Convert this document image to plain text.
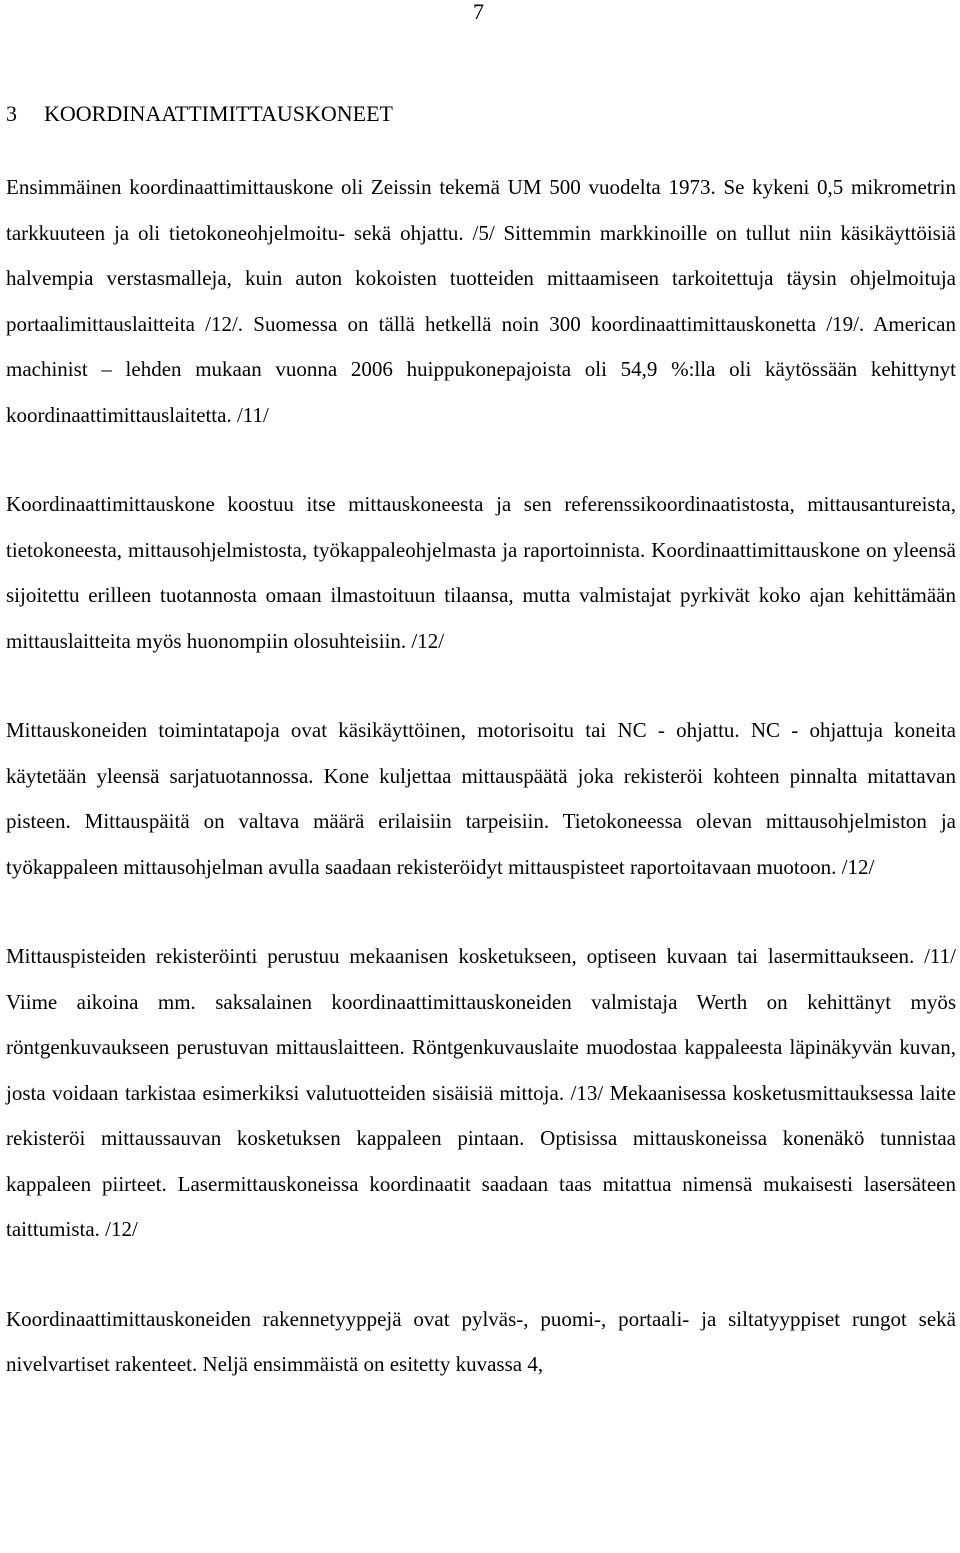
7
3 KOORDINAATTIMITTAUSKONEET

Ensimmäinen koordinaattimittauskone oli Zeissin tekemä UM 500 vuodelta 1973. Se kykeni 0,5 mikrometrin tarkkuuteen ja oli tietokoneohjelmoitu- sekä ohjattu. /5/ Sittemmin markkinoille on tullut niin käsikäyttöisiä halvempia verstasmalleja, kuin auton kokoisten tuotteiden mittaamiseen tarkoitettuja täysin ohjelmoituja portaalimittauslaitteita /12/. Suomessa on tällä hetkellä noin 300 koordinaattimittauskonetta /19/. American machinist – lehden mukaan vuonna 2006 huippukonepajoista oli 54,9 %:lla oli käytössään kehittynyt koordinaattimittauslaitetta. /11/

Koordinaattimittauskone koostuu itse mittauskoneesta ja sen referenssikoordinaatistosta, mittausantureista, tietokoneesta, mittausohjelmistosta, työkappaleohjelmasta ja raportoinnista. Koordinaattimittauskone on yleensä sijoitettu erilleen tuotannosta omaan ilmastoituun tilaansa, mutta valmistajat pyrkivät koko ajan kehittämään mittauslaitteita myös huonompiin olosuhteisiin. /12/

Mittauskoneiden toimintatapoja ovat käsikäyttöinen, motorisoitu tai NC - ohjattu. NC - ohjattuja koneita käytetään yleensä sarjatuotannossa. Kone kuljettaa mittauspäätä joka rekisteröi kohteen pinnalta mitattavan pisteen. Mittauspäitä on valtava määrä erilaisiin tarpeisiin. Tietokoneessa olevan mittausohjelmiston ja työkappaleen mittausohjelman avulla saadaan rekisteröidyt mittauspisteet raportoitavaan muotoon. /12/

Mittauspisteiden rekisteröinti perustuu mekaanisen kosketukseen, optiseen kuvaan tai lasermittaukseen. /11/ Viime aikoina mm. saksalainen koordinaattimittauskoneiden valmistaja Werth on kehittänyt myös röntgenkuvaukseen perustuvan mittauslaitteen. Röntgenkuvauslaite muodostaa kappaleesta läpinäkyvän kuvan, josta voidaan tarkistaa esimerkiksi valutuotteiden sisäisiä mittoja. /13/ Mekaanisessa kosketusmittauksessa laite rekisteröi mittaussauvan kosketuksen kappaleen pintaan. Optisissa mittauskoneissa konenäkö tunnistaa kappaleen piirteet. Lasermittauskoneissa koordinaatit saadaan taas mitattua nimensä mukaisesti lasersäteen taittumista. /12/

Koordinaattimittauskoneiden rakennetyyppejä ovat pylväs-, puomi-, portaali- ja siltatyyppiset rungot sekä nivelvartiset rakenteet. Neljä ensimmäistä on esitetty kuvassa 4,
